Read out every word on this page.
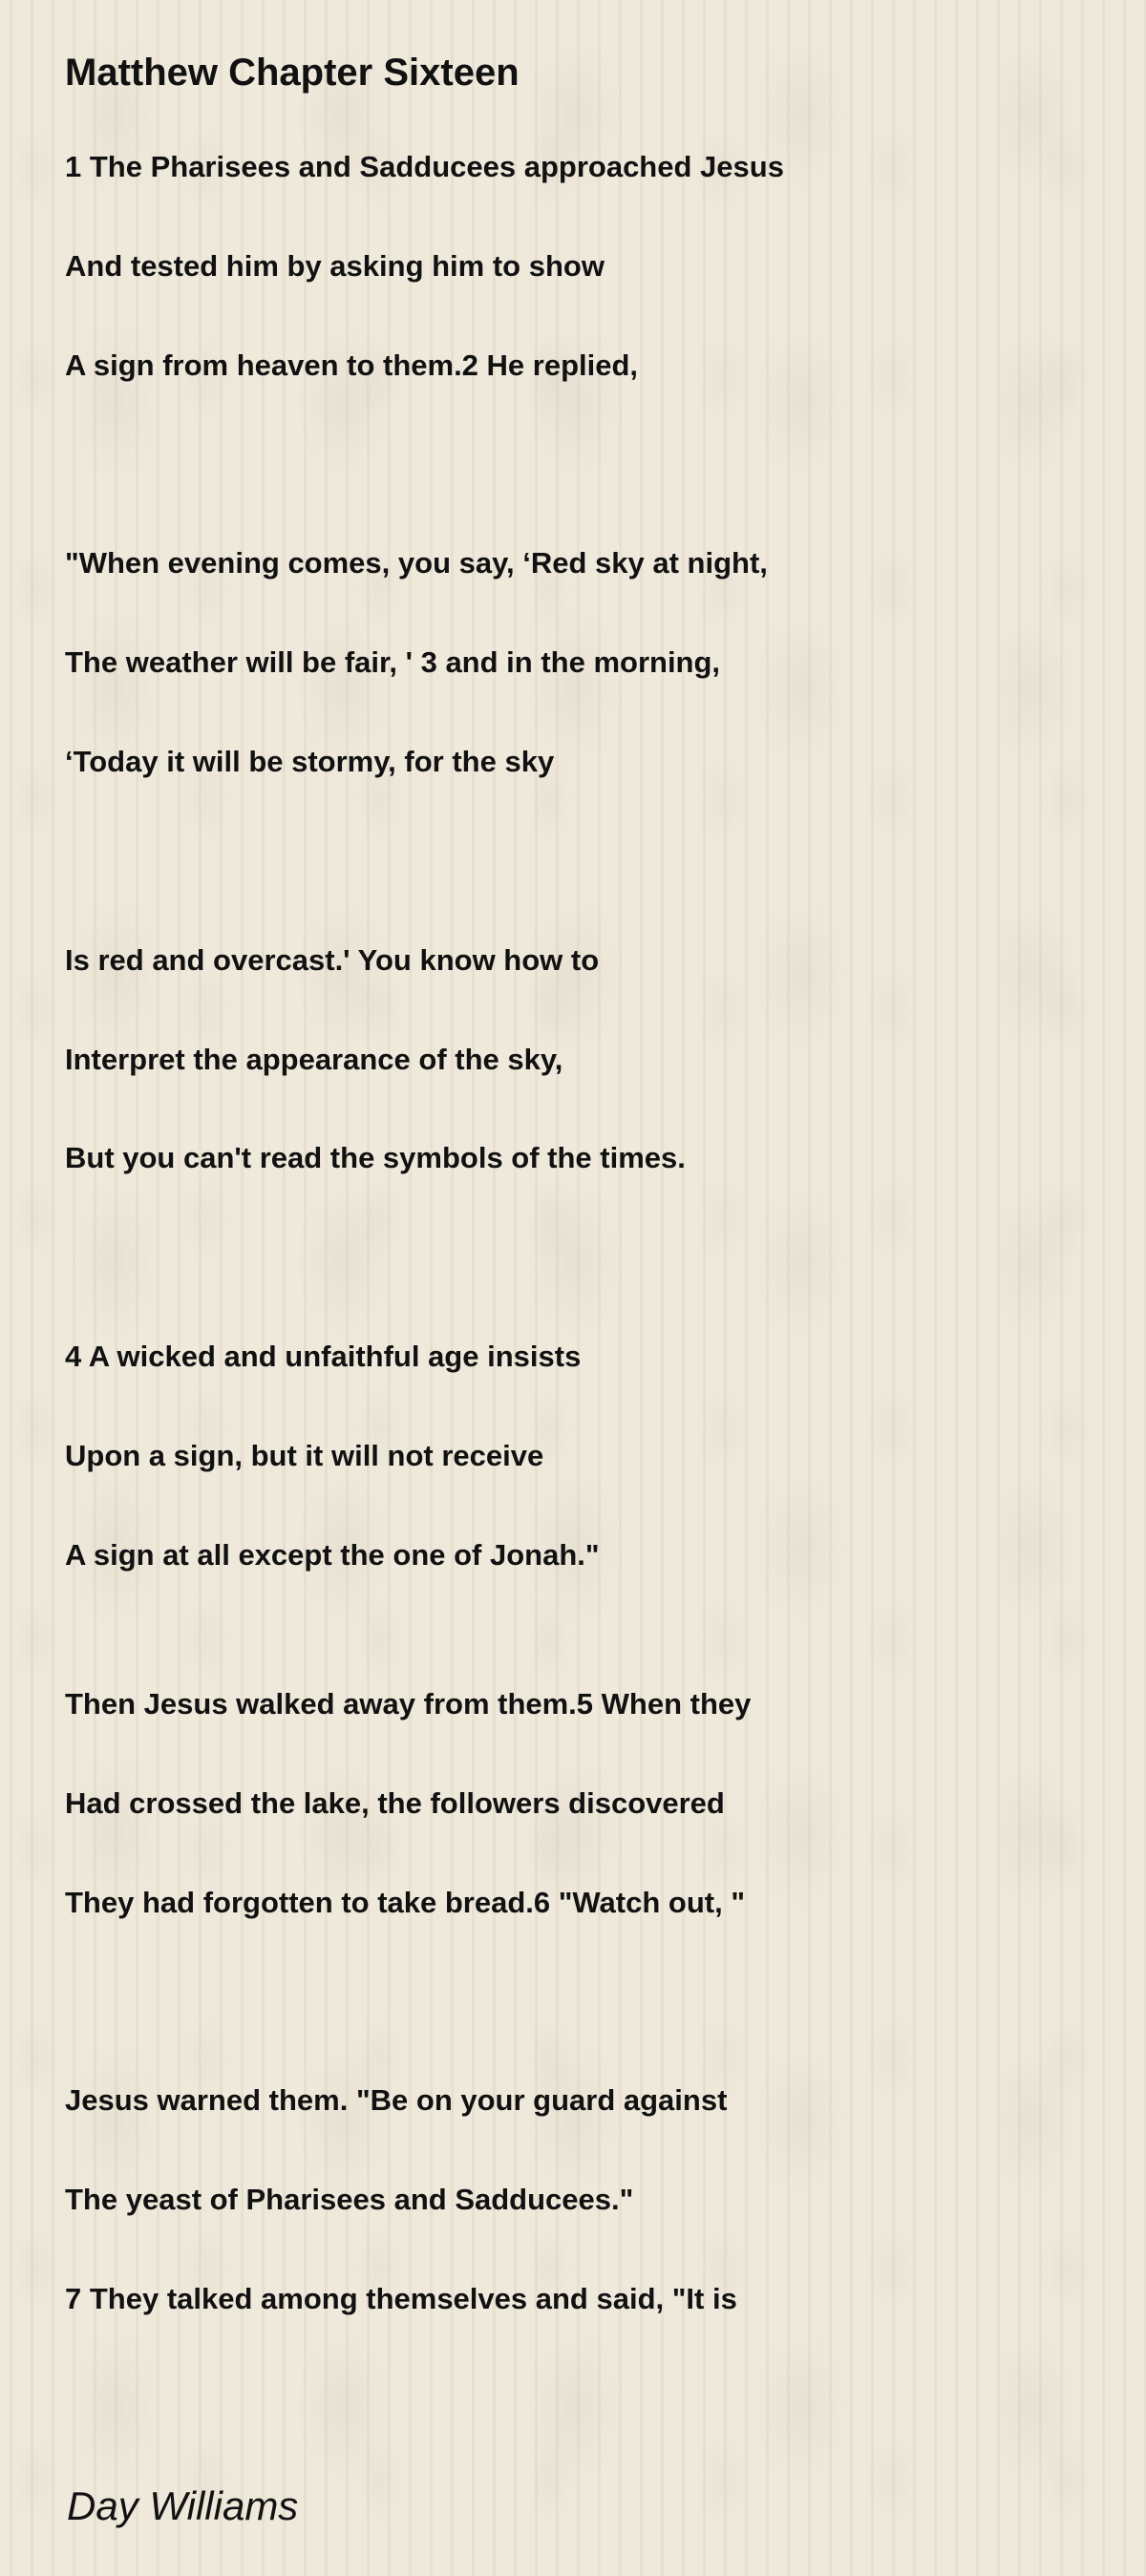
Matthew Chapter Sixteen

1 The Pharisees and Sadducees approached Jesus

And tested him by asking him to show

A sign from heaven to them.2 He replied,

"When evening comes, you say, ‘Red sky at night,

The weather will be fair, ' 3 and in the morning,

‘Today it will be stormy, for the sky

Is red and overcast.' You know how to

Interpret the appearance of the sky,

But you can't read the symbols of the times.

4 A wicked and unfaithful age insists

Upon a sign, but it will not receive

A sign at all except the one of Jonah."

Then Jesus walked away from them.5 When they

Had crossed the lake, the followers discovered

They had forgotten to take bread.6 "Watch out, "

Jesus warned them. "Be on your guard against

The yeast of Pharisees and Sadducees."

7 They talked among themselves and said, "It is

Day Williams
